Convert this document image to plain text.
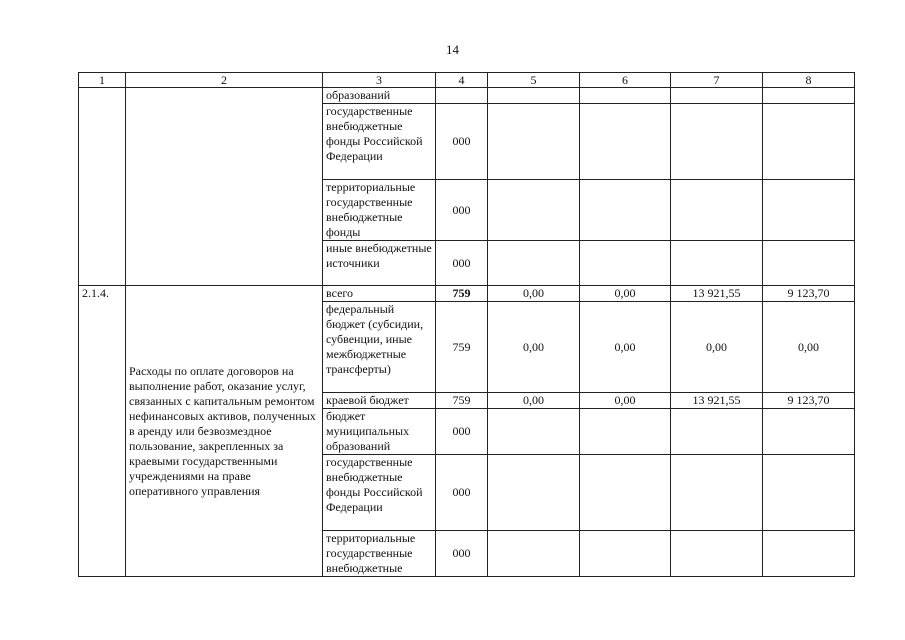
14
1	2	3	4	5	6	7	8
		образований					
		государственные внебюджетные фонды Российской Федерации	000				
		территориальные государственные внебюджетные фонды	000				
		иные внебюджетные источники	000				
2.1.4.	Расходы по оплате договоров на выполнение работ, оказание услуг, связанных с капитальным ремонтом нефинансовых активов, полученных в аренду или безвозмездное пользование, закрепленных за краевыми государственными учреждениями на праве оперативного управления	всего	759	0,00	0,00	13 921,55	9 123,70
		федеральный бюджет (субсидии, субвенции, иные межбюджетные трансферты)	759	0,00	0,00	0,00	0,00
		краевой бюджет	759	0,00	0,00	13 921,55	9 123,70
		бюджет муниципальных образований	000				
		государственные внебюджетные фонды Российской Федерации	000				
		территориальные государственные внебюджетные	000				
